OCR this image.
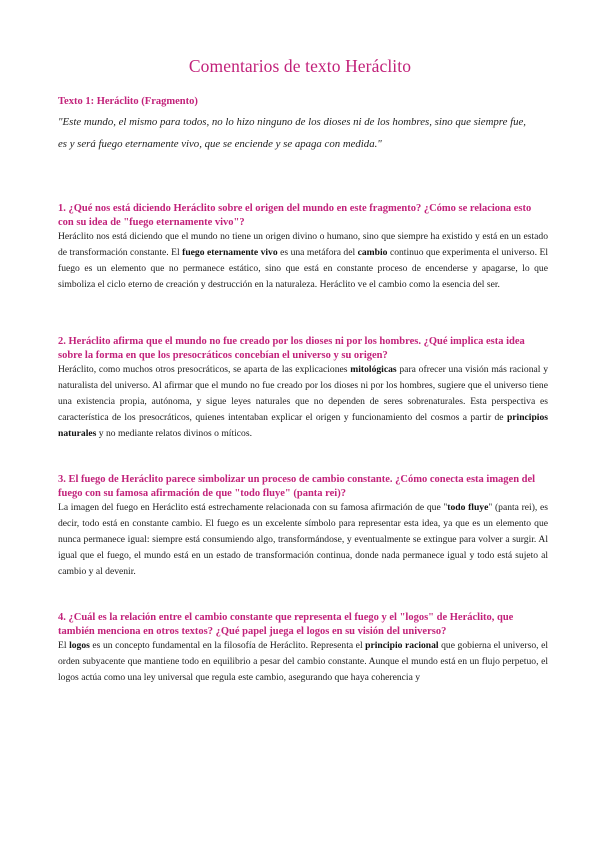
Comentarios de texto Heráclito
Texto 1: Heráclito (Fragmento)
"Este mundo, el mismo para todos, no lo hizo ninguno de los dioses ni de los hombres, sino que siempre fue,
es y será fuego eternamente vivo, que se enciende y se apaga con medida."
1. ¿Qué nos está diciendo Heráclito sobre el origen del mundo en este fragmento? ¿Cómo se relaciona esto con su idea de "fuego eternamente vivo"?
Heráclito nos está diciendo que el mundo no tiene un origen divino o humano, sino que siempre ha existido y está en un estado de transformación constante. El fuego eternamente vivo es una metáfora del cambio continuo que experimenta el universo. El fuego es un elemento que no permanece estático, sino que está en constante proceso de encenderse y apagarse, lo que simboliza el ciclo eterno de creación y destrucción en la naturaleza. Heráclito ve el cambio como la esencia del ser.
2. Heráclito afirma que el mundo no fue creado por los dioses ni por los hombres. ¿Qué implica esta idea sobre la forma en que los presocráticos concebían el universo y su origen?
Heráclito, como muchos otros presocráticos, se aparta de las explicaciones mitológicas para ofrecer una visión más racional y naturalista del universo. Al afirmar que el mundo no fue creado por los dioses ni por los hombres, sugiere que el universo tiene una existencia propia, autónoma, y sigue leyes naturales que no dependen de seres sobrenaturales. Esta perspectiva es característica de los presocráticos, quienes intentaban explicar el origen y funcionamiento del cosmos a partir de principios naturales y no mediante relatos divinos o míticos.
3. El fuego de Heráclito parece simbolizar un proceso de cambio constante. ¿Cómo conecta esta imagen del fuego con su famosa afirmación de que "todo fluye" (panta rei)?
La imagen del fuego en Heráclito está estrechamente relacionada con su famosa afirmación de que "todo fluye" (panta rei), es decir, todo está en constante cambio. El fuego es un excelente símbolo para representar esta idea, ya que es un elemento que nunca permanece igual: siempre está consumiendo algo, transformándose, y eventualmente se extingue para volver a surgir. Al igual que el fuego, el mundo está en un estado de transformación continua, donde nada permanece igual y todo está sujeto al cambio y al devenir.
4. ¿Cuál es la relación entre el cambio constante que representa el fuego y el "logos" de Heráclito, que también menciona en otros textos? ¿Qué papel juega el logos en su visión del universo?
El logos es un concepto fundamental en la filosofía de Heráclito. Representa el principio racional que gobierna el universo, el orden subyacente que mantiene todo en equilibrio a pesar del cambio constante. Aunque el mundo está en un flujo perpetuo, el logos actúa como una ley universal que regula este cambio, asegurando que haya coherencia y
